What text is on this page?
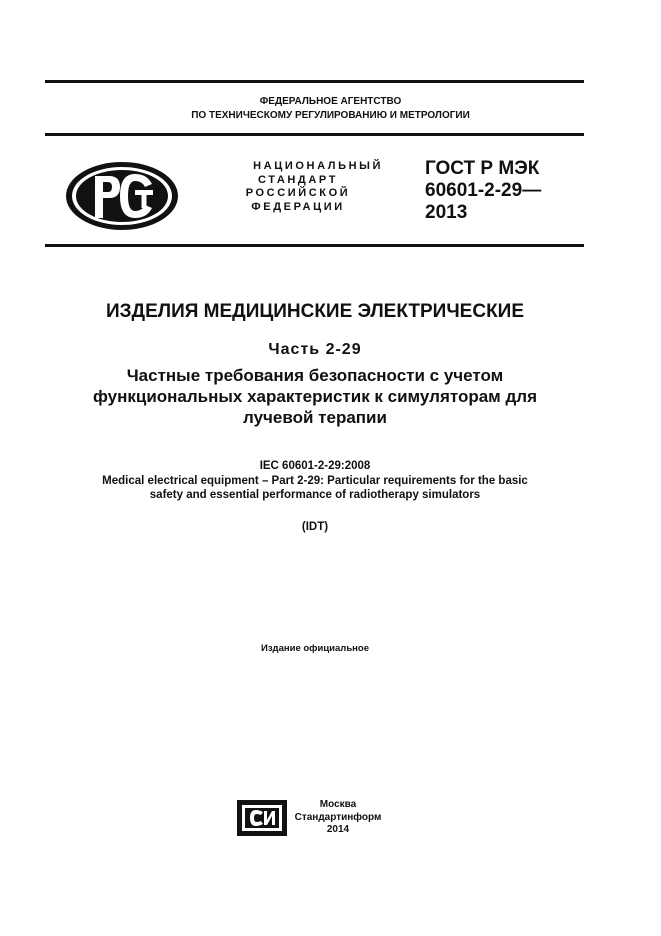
ФЕДЕРАЛЬНОЕ АГЕНТСТВО
ПО ТЕХНИЧЕСКОМУ РЕГУЛИРОВАНИЮ И МЕТРОЛОГИИ
НАЦИОНАЛЬНЫЙ
СТАНДАРТ
РОССИЙСКОЙ
ФЕДЕРАЦИИ
ГОСТ Р МЭК
60601-2-29—
2013
ИЗДЕЛИЯ МЕДИЦИНСКИЕ ЭЛЕКТРИЧЕСКИЕ
Часть 2-29
Частные требования безопасности с учетом
функциональных характеристик к симуляторам для
лучевой терапии
IEC 60601-2-29:2008
Medical electrical equipment – Part 2-29: Particular requirements for the basic
safety and essential performance of radiotherapy simulators
(IDT)
Издание официальное
Москва
Стандартинформ
2014
